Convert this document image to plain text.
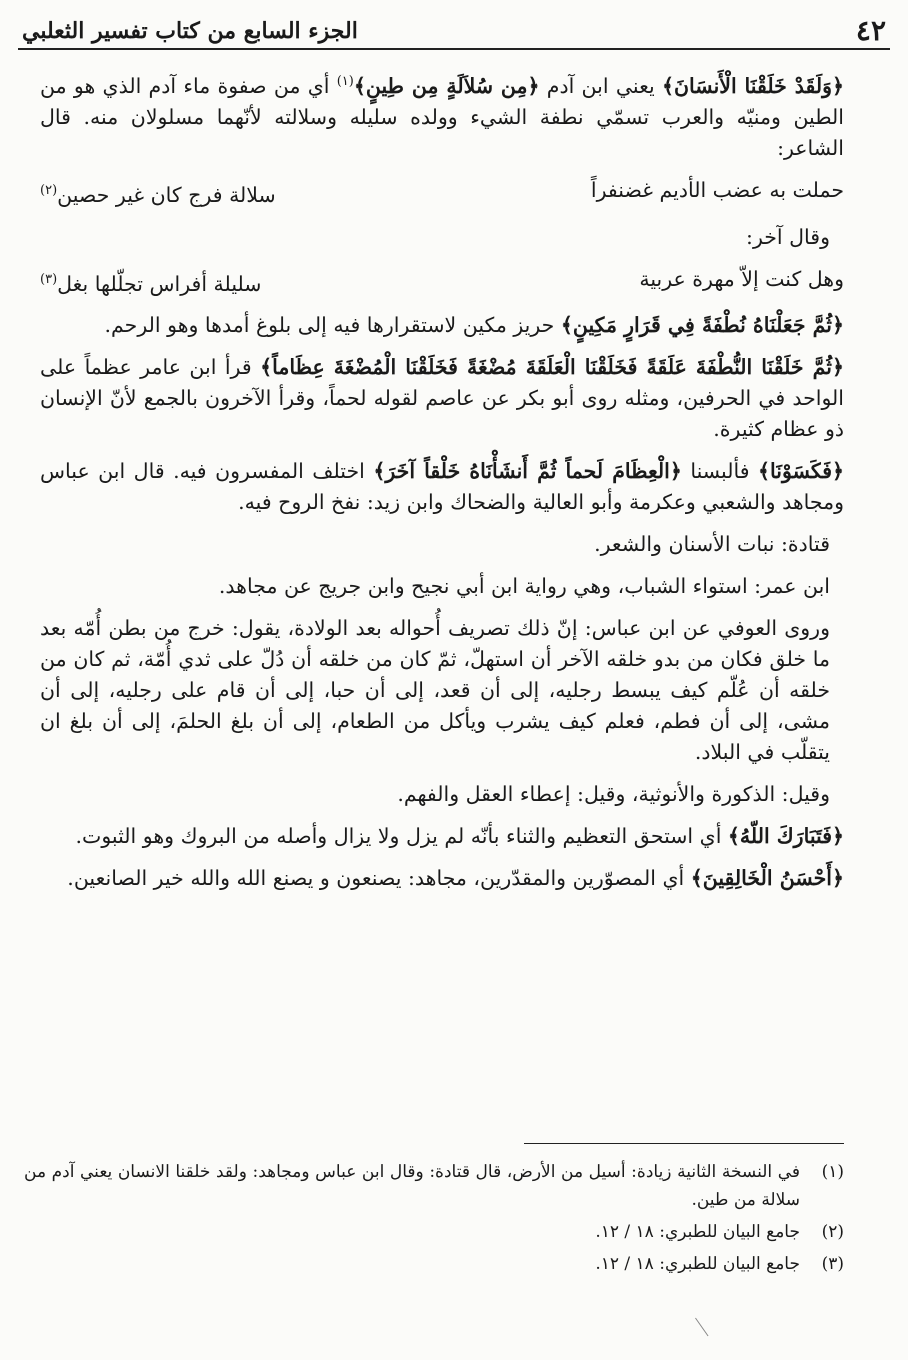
٤٢
الجزء السابع من كتاب تفسير الثعلبي

﴿وَلَقَدْ خَلَقْنَا الْأَنسَانَ﴾ يعني ابن آدم ﴿مِن سُلاَلَةٍ مِن طِينٍ﴾$^{(١)}$ أي من صفوة ماء آدم الذي هو من الطين ومنيّه والعرب تسمّي نطفة الشيء وولده سليله وسلالته لأنّهما مسلولان منه. قال الشاعر:

حملت به عضب الأديم غضنفراً
سلالة فرج كان غير حصين$^{(٢)}$

وقال آخر:

وهل كنت إلاّ مهرة عربية
سليلة أفراس تجلّلها بغل$^{(٣)}$

﴿ثُمَّ جَعَلْنَاهُ نُطْفَةً فِي قَرَارٍ مَكِينٍ﴾ حريز مكين لاستقرارها فيه إلى بلوغ أمدها وهو الرحم.

﴿ثُمَّ خَلَقْنَا النُّطْفَةَ عَلَقَةً فَخَلَقْنَا الْعَلَقَةَ مُضْغَةً فَخَلَقْنَا الْمُضْغَةَ عِظَاماً﴾ قرأ ابن عامر عظماً على الواحد في الحرفين، ومثله روى أبو بكر عن عاصم لقوله لحماً، وقرأ الآخرون بالجمع لأنّ الإنسان ذو عظام كثيرة.

﴿فَكَسَوْنَا﴾ فألبسنا ﴿الْعِظَامَ لَحماً ثُمَّ أَنشَأْنَاهُ خَلْقاً آخَرَ﴾ اختلف المفسرون فيه. قال ابن عباس ومجاهد والشعبي وعكرمة وأبو العالية والضحاك وابن زيد: نفخ الروح فيه.

قتادة: نبات الأسنان والشعر.

ابن عمر: استواء الشباب، وهي رواية ابن أبي نجيح وابن جريج عن مجاهد.

وروى العوفي عن ابن عباس: إنّ ذلك تصريف أُحواله بعد الولادة، يقول: خرج من بطن أُمّه بعد ما خلق فكان من بدو خلقه الآخر أن استهلّ، ثمّ كان من خلقه أن دُلّ على ثدي أُمّة، ثم كان من خلقه أن عُلّم كيف يبسط رجليه، إلى أن قعد، إلى أن حبا، إلى أن قام على رجليه، إلى أن مشى، إلى أن فطم، فعلم كيف يشرب ويأكل من الطعام، إلى أن بلغ الحلمَ، إلى أن بلغ ان يتقلّب في البلاد.

وقيل: الذكورة والأنوثية، وقيل: إعطاء العقل والفهم.

﴿فَتَبَارَكَ اللّهُ﴾ أي استحق التعظيم والثناء بأنّه لم يزل ولا يزال وأصله من البروك وهو الثبوت.

﴿أَحْسَنُ الْخَالِقِينَ﴾ أي المصوّرين والمقدّرين، مجاهد: يصنعون و يصنع الله والله خير الصانعين.

(١)
في النسخة الثانية زيادة: أسيل من الأرض، قال قتادة: وقال ابن عباس ومجاهد: ولقد خلقنا الانسان يعني آدم من سلالة من طين.
(٢)
جامع البيان للطبري: ١٨ / ١٢.
(٣)
جامع البيان للطبري: ١٨ / ١٢.
